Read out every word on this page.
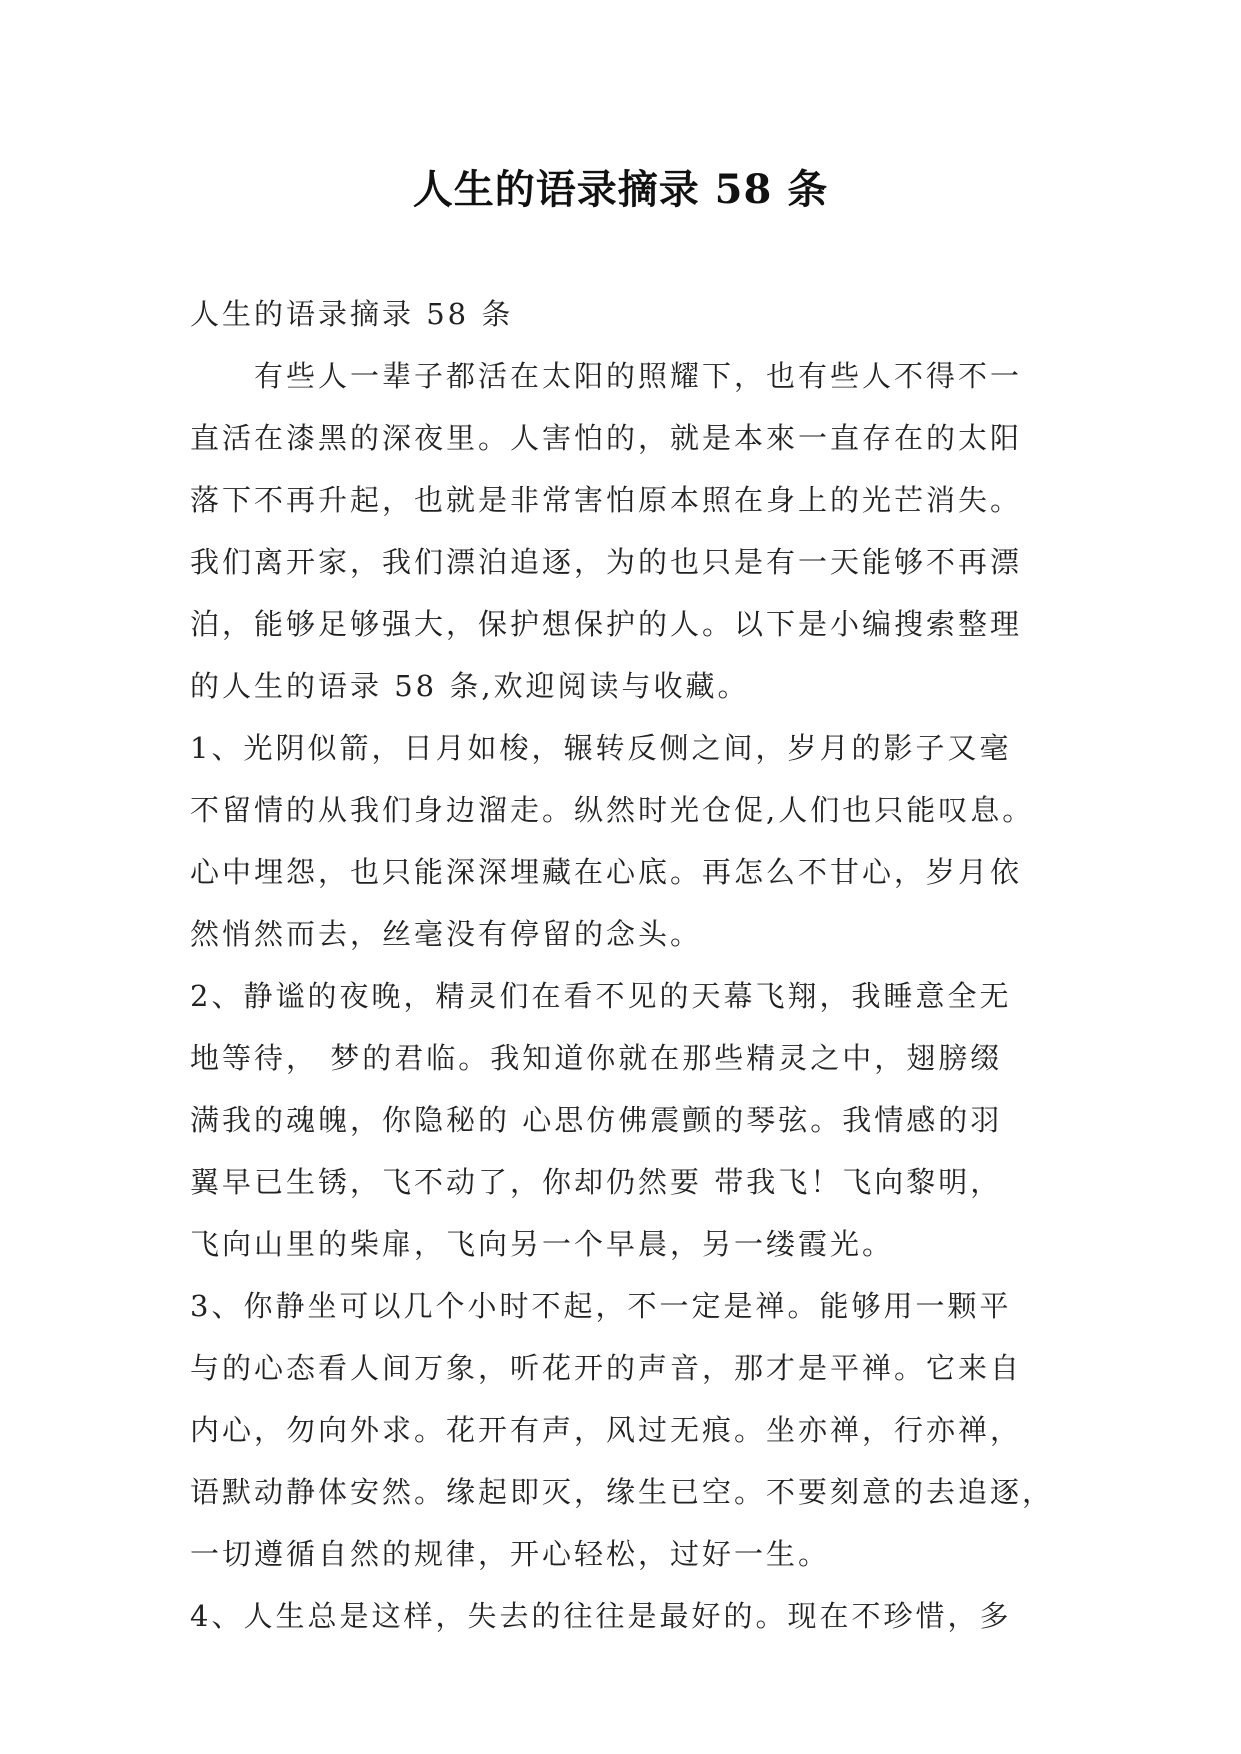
人生的语录摘录 58 条
人生的语录摘录 58 条
　　有些人一辈子都活在太阳的照耀下，也有些人不得不一
直活在漆黑的深夜里。人害怕的，就是本來一直存在的太阳
落下不再升起，也就是非常害怕原本照在身上的光芒消失。
我们离开家，我们漂泊追逐，为的也只是有一天能够不再漂
泊，能够足够强大，保护想保护的人。以下是小编搜索整理
的人生的语录 58 条,欢迎阅读与收藏。
1、光阴似箭，日月如梭，辗转反侧之间，岁月的影子又毫
不留情的从我们身边溜走。纵然时光仓促,人们也只能叹息。
心中埋怨，也只能深深埋藏在心底。再怎么不甘心，岁月依
然悄然而去，丝毫没有停留的念头。
2、静谧的夜晚，精灵们在看不见的天幕飞翔，我睡意全无
地等待， 梦的君临。我知道你就在那些精灵之中，翅膀缀
满我的魂魄，你隐秘的 心思仿佛震颤的琴弦。我情感的羽
翼早已生锈，飞不动了，你却仍然要 带我飞！飞向黎明，
飞向山里的柴扉，飞向另一个早晨，另一缕霞光。
3、你静坐可以几个小时不起，不一定是禅。能够用一颗平
与的心态看人间万象，听花开的声音，那才是平禅。它来自
内心，勿向外求。花开有声，风过无痕。坐亦禅，行亦禅，
语默动静体安然。缘起即灭，缘生已空。不要刻意的去追逐，
一切遵循自然的规律，开心轻松，过好一生。
4、人生总是这样，失去的往往是最好的。现在不珍惜，多
